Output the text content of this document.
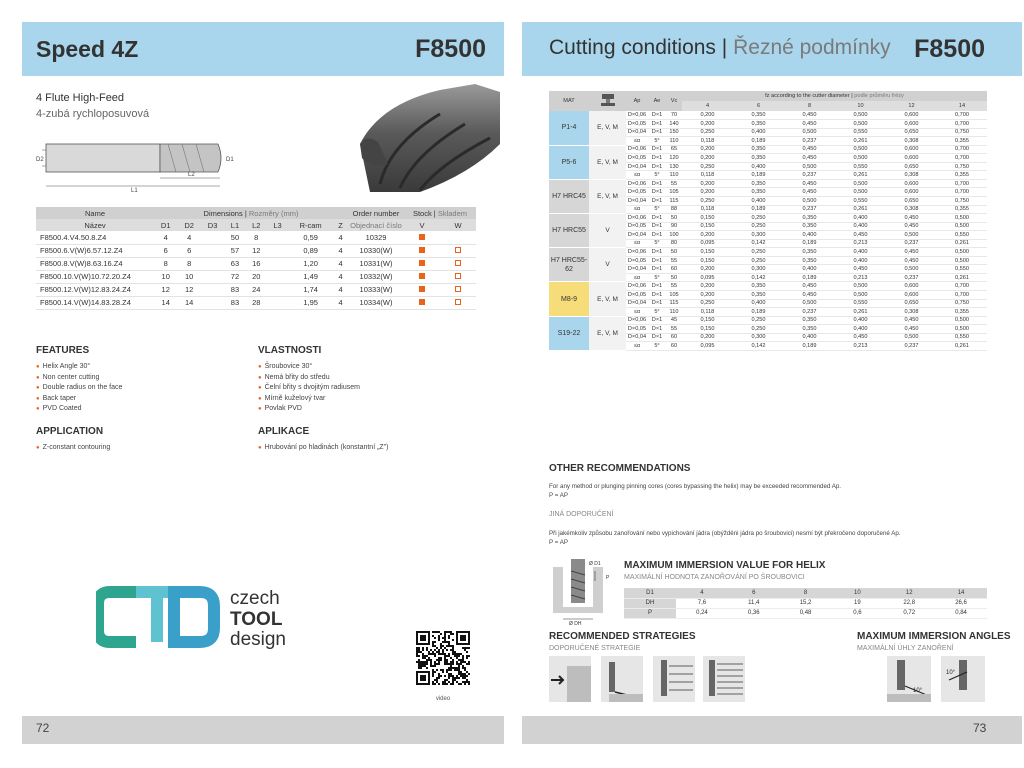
Speed 4Z	F8500
4 Flute High-Feed
4-zubá rychloposuvová
D2	D1
L2
L1
Name	Dimensions | Rozměry (mm)								Order number	Stock | Skladem	
Název	D1	D2	D3	L1	L2	L3	R-cam	Z	Objednací číslo	V	W
F8500.4.V4.50.8.Z4	4	4		50	8		0,59	4	10329		
F8500.6.V(W)6.57.12.Z4	6	6		57	12		0,89	4	10330(W)		
F8500.8.V(W)8.63.16.Z4	8	8		63	16		1,20	4	10331(W)		
F8500.10.V(W)10.72.20.Z4	10	10		72	20		1,49	4	10332(W)		
F8500.12.V(W)12.83.24.Z4	12	12		83	24		1,74	4	10333(W)		
F8500.14.V(W)14.83.28.Z4	14	14		83	28		1,95	4	10334(W)		
FEATURES
● Helix Angle 30°
● Non center cutting
● Double radius on the face
● Back taper
● PVD Coated
VLASTNOSTI
● Šroubovice 30°
● Nemá břity do středu
● Čelní břity s dvojitým radiusem
● Mírně kuželový tvar
● Povlak PVD
APPLICATION
● Z-constant contouring
APLIKACE
● Hrubování po hladinách (konstantní „Z")
czech
TOOL
design
video
72
Cutting conditions | Řezné podmínky F8500
MAT		Ap	Ae	Vc	fz according to the cutter diameter | podle průměru frézy					
					4	6	8	10	12	14
P1-4	E, V, M	D×0,06	D×1	70	0,200	0,350	0,450	0,500	0,600	0,700
		D×0,05	D×1	140	0,200	0,350	0,450	0,500	0,600	0,700
		D×0,04	D×1	150	0,250	0,400	0,500	0,550	0,650	0,750
		≤α	5°	110	0,118	0,189	0,237	0,261	0,308	0,355
P5-6	E, V, M	D×0,06	D×1	65	0,200	0,350	0,450	0,500	0,600	0,700
		D×0,05	D×1	120	0,200	0,350	0,450	0,500	0,600	0,700
		D×0,04	D×1	130	0,250	0,400	0,500	0,550	0,650	0,750
		≤α	5°	110	0,118	0,189	0,237	0,261	0,308	0,355
H7 HRC45	E, V, M	D×0,06	D×1	55	0,200	0,350	0,450	0,500	0,600	0,700
		D×0,05	D×1	105	0,200	0,350	0,450	0,500	0,600	0,700
		D×0,04	D×1	115	0,250	0,400	0,500	0,550	0,650	0,750
		≤α	5°	88	0,118	0,189	0,237	0,261	0,308	0,355
H7 HRC55	V	D×0,06	D×1	50	0,150	0,250	0,350	0,400	0,450	0,500
		D×0,05	D×1	90	0,150	0,250	0,350	0,400	0,450	0,500
		D×0,04	D×1	100	0,200	0,300	0,400	0,450	0,500	0,550
		≤α	5°	80	0,095	0,142	0,189	0,213	0,237	0,261
H7 HRC55-62	V	D×0,06	D×1	50	0,150	0,250	0,350	0,400	0,450	0,500
		D×0,05	D×1	55	0,150	0,250	0,350	0,400	0,450	0,500
		D×0,04	D×1	60	0,200	0,300	0,400	0,450	0,500	0,550
		≤α	5°	50	0,095	0,142	0,189	0,213	0,237	0,261
M8-9	E, V, M	D×0,06	D×1	55	0,200	0,350	0,450	0,500	0,600	0,700
		D×0,05	D×1	105	0,200	0,350	0,450	0,500	0,600	0,700
		D×0,04	D×1	115	0,250	0,400	0,500	0,550	0,650	0,750
		≤α	5°	110	0,118	0,189	0,237	0,261	0,308	0,355
S19-22	E, V, M	D×0,06	D×1	45	0,150	0,250	0,350	0,400	0,450	0,500
		D×0,05	D×1	55	0,150	0,250	0,350	0,400	0,450	0,500
		D×0,04	D×1	60	0,200	0,300	0,400	0,450	0,500	0,550
		≤α	5°	60	0,095	0,142	0,189	0,213	0,237	0,261
OTHER RECOMMENDATIONS
For any method or plunging pinning cores (cores bypassing the helix) may be exceeded recommended Ap.
P = AP
JINÁ DOPORUČENÍ
Při jakémkoliv způsobu zanořování nebo vypichování jádra (obýžděni jádra po šroubovici) nesmí být překročeno doporučené Ap.
P = AP
Ø D1
Ø DH
P
MAXIMUM IMMERSION VALUE FOR HELIX
MAXIMÁLNÍ HODNOTA ZANOŘOVÁNÍ PO ŠROUBOVICI
D1	4	6	8	10	12	14
DH	7,6	11,4	15,2	19	22,8	26,6
P	0,24	0,36	0,48	0,6	0,72	0,84
RECOMMENDED STRATEGIES
DOPORUČENÉ STRATEGIE
MAXIMUM IMMERSION ANGLES
MAXIMÁLNÍ ÚHLY ZANOŘENÍ
10°
10°
73
